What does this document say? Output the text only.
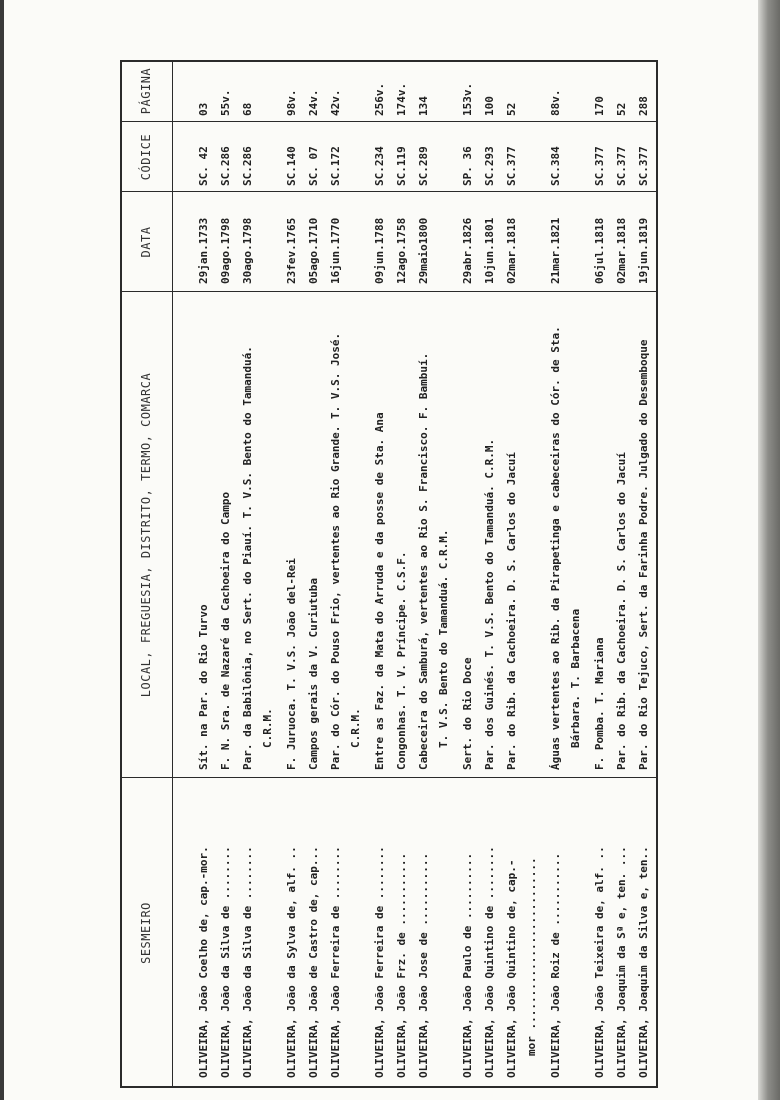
SESMEIRO
LOCAL, FREGUESIA, DISTRITO, TERMO, COMARCA
DATA
CÓDICE
PÁGINA
OLIVEIRA, João Coelho de, cap.-mor.
Sít. na Par. do Rio Turvo
29jan.1733
SC. 42
03
OLIVEIRA, João da Silva de ........
F. N. Sra. de Nazaré da Cachoeira do Campo
09ago.1798
SC.286
55v.
OLIVEIRA, João da Silva de ........
Par. da Babilônia, no Sert. do Piauí. T. V.S. Bento do Tamanduá. C.R.M.
30ago.1798
SC.286
68
OLIVEIRA, João da Sylva de, alf. ..
F. Juruoca. T. V.S. João del-Rei
23fev.1765
SC.140
98v.
OLIVEIRA, João de Castro de, cap...
Campos gerais da V. Curiutuba
05ago.1710
SC. 07
24v.
OLIVEIRA, João Ferreira de ........
Par. do Cór. do Pouso Frio, vertentes ao Rio Grande. T. V.S. José. C.R.M.
16jun.1770
SC.172
42v.
OLIVEIRA, João Ferreira de ........
Entre as Faz. da Mata do Arruda e da posse de Sta. Ana
09jun.1788
SC.234
256v.
OLIVEIRA, João Frz. de ...........
Congonhas. T. V. Príncipe. C.S.F.
12ago.1758
SC.119
174v.
OLIVEIRA, João Jose de ...........
Cabeceira do Samburá, vertentes ao Rio S. Francisco. F. Bambuí. T. V.S. Bento do Tamanduá. C.R.M.
29maio1800
SC.289
134
OLIVEIRA, João Paulo de ..........
Sert. do Rio Doce
29abr.1826
SP. 36
153v.
OLIVEIRA, João Quintino de ........
Par. dos Guinés. T. V.S. Bento do Tamanduá. C.R.M.
10jun.1801
SC.293
100
OLIVEIRA, João Quintino de, cap.- mor ..........................
Par. do Rib. da Cachoeira. D. S. Carlos do Jacuí
02mar.1818
SC.377
52
OLIVEIRA, João Roiz de ...........
Águas vertentes ao Rib. da Pirapetinga e cabeceiras do Cór. de Sta. Bárbara. T. Barbacena
21mar.1821
SC.384
88v.
OLIVEIRA, João Teixeira de, alf. ..
F. Pomba. T. Mariana
06jul.1818
SC.377
170
OLIVEIRA, Joaquim da Sª e, ten. ...
Par. do Rib. da Cachoeira. D. S. Carlos do Jacuí
02mar.1818
SC.377
52
OLIVEIRA, Joaquim da Silva e, ten..
Par. do Rio Tejuco, Sert. da Farinha Podre. Julgado do Desemboque
19jun.1819
SC.377
288
